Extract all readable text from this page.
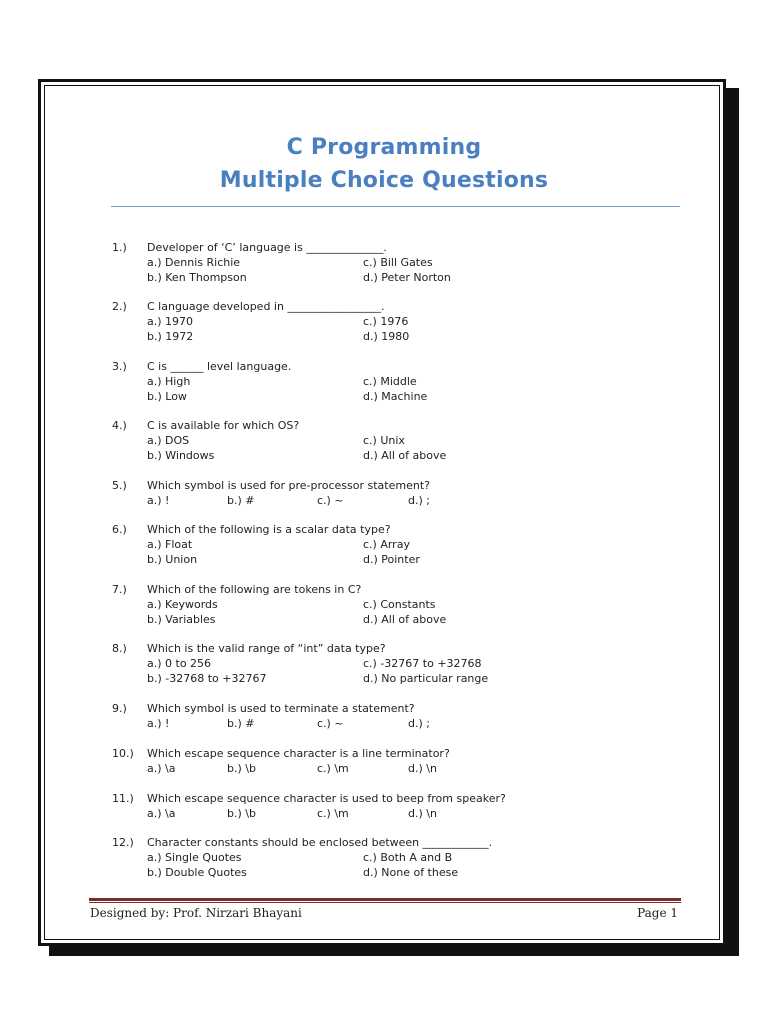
C Programming
Multiple Choice Questions
1.) Developer of ‘C’ language is ______________.
a.) Dennis Richie
b.) Ken Thompson
c.) Bill Gates
d.) Peter Norton
2.) C language developed in _________________.
a.) 1970
b.) 1972
c.) 1976
d.) 1980
3.) C is ______ level language.
a.) High
b.) Low
c.) Middle
d.) Machine
4.) C is available for which OS?
a.) DOS
b.) Windows
c.) Unix
d.) All of above
5.) Which symbol is used for pre-processor statement?
a.) !	b.) #	c.) ~	d.) ;
6.) Which of the following is a scalar data type?
a.) Float
b.) Union
c.) Array
d.) Pointer
7.) Which of the following are tokens in C?
a.) Keywords
b.) Variables
c.) Constants
d.) All of above
8.) Which is the valid range of “int” data type?
a.) 0 to 256
b.) -32768 to +32767
c.) -32767 to +32768
d.) No particular range
9.) Which symbol is used to terminate a statement?
a.) !	b.) #	c.) ~	d.) ;
10.) Which escape sequence character is a line terminator?
a.) \a	b.) \b	c.) \m	d.) \n
11.) Which escape sequence character is used to beep from speaker?
a.) \a	b.) \b	c.) \m	d.) \n
12.) Character constants should be enclosed between ____________.
a.) Single Quotes
b.) Double Quotes
c.) Both A and B
d.) None of these
Designed by: Prof. Nirzari Bhayani	Page 1
